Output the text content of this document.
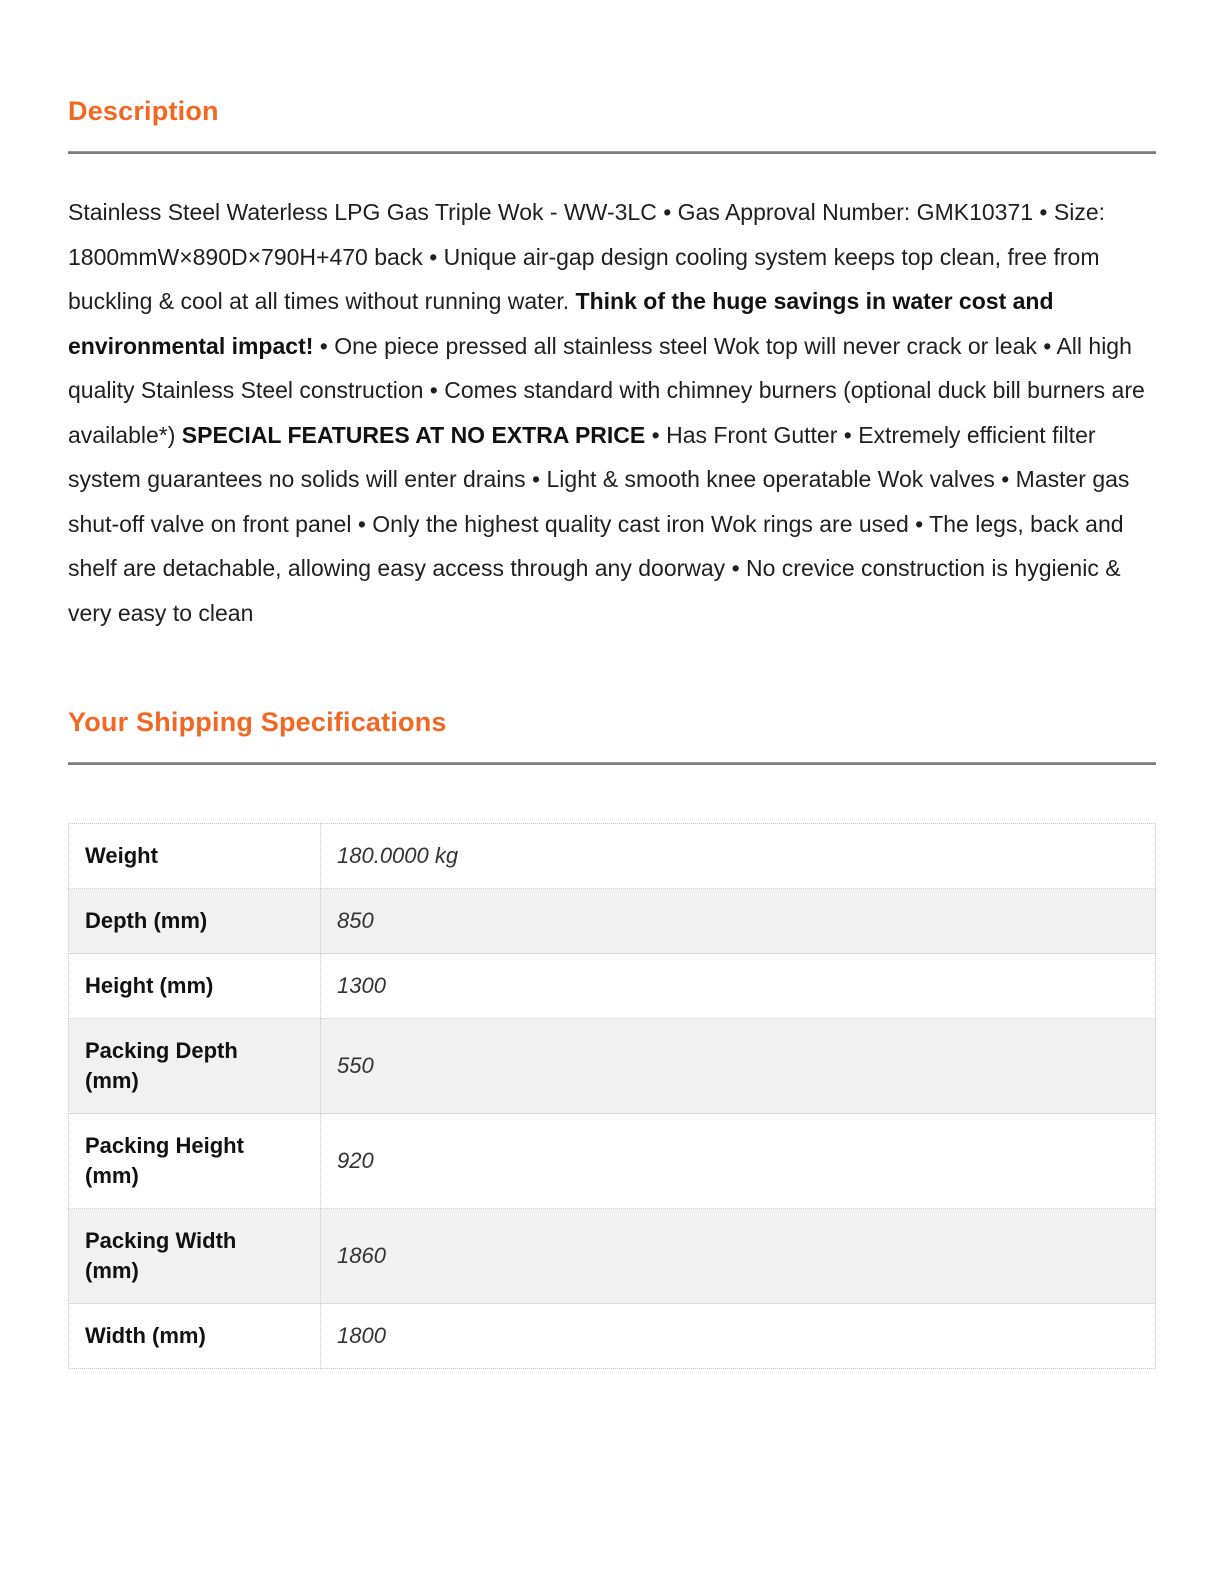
Description

Stainless Steel Waterless LPG Gas Triple Wok - WW-3LC • Gas Approval Number: GMK10371 • Size: 1800mmW×890D×790H+470 back • Unique air-gap design cooling system keeps top clean, free from buckling & cool at all times without running water. Think of the huge savings in water cost and environmental impact! • One piece pressed all stainless steel Wok top will never crack or leak • All high quality Stainless Steel construction • Comes standard with chimney burners (optional duck bill burners are available*) SPECIAL FEATURES AT NO EXTRA PRICE • Has Front Gutter • Extremely efficient filter system guarantees no solids will enter drains • Light & smooth knee operatable Wok valves • Master gas shut-off valve on front panel • Only the highest quality cast iron Wok rings are used • The legs, back and shelf are detachable, allowing easy access through any doorway • No crevice construction is hygienic & very easy to clean

Your Shipping Specifications
Weight	180.0000 kg
Depth (mm)	850
Height (mm)	1300
Packing Depth (mm)	550
Packing Height (mm)	920
Packing Width (mm)	1860
Width (mm)	1800
